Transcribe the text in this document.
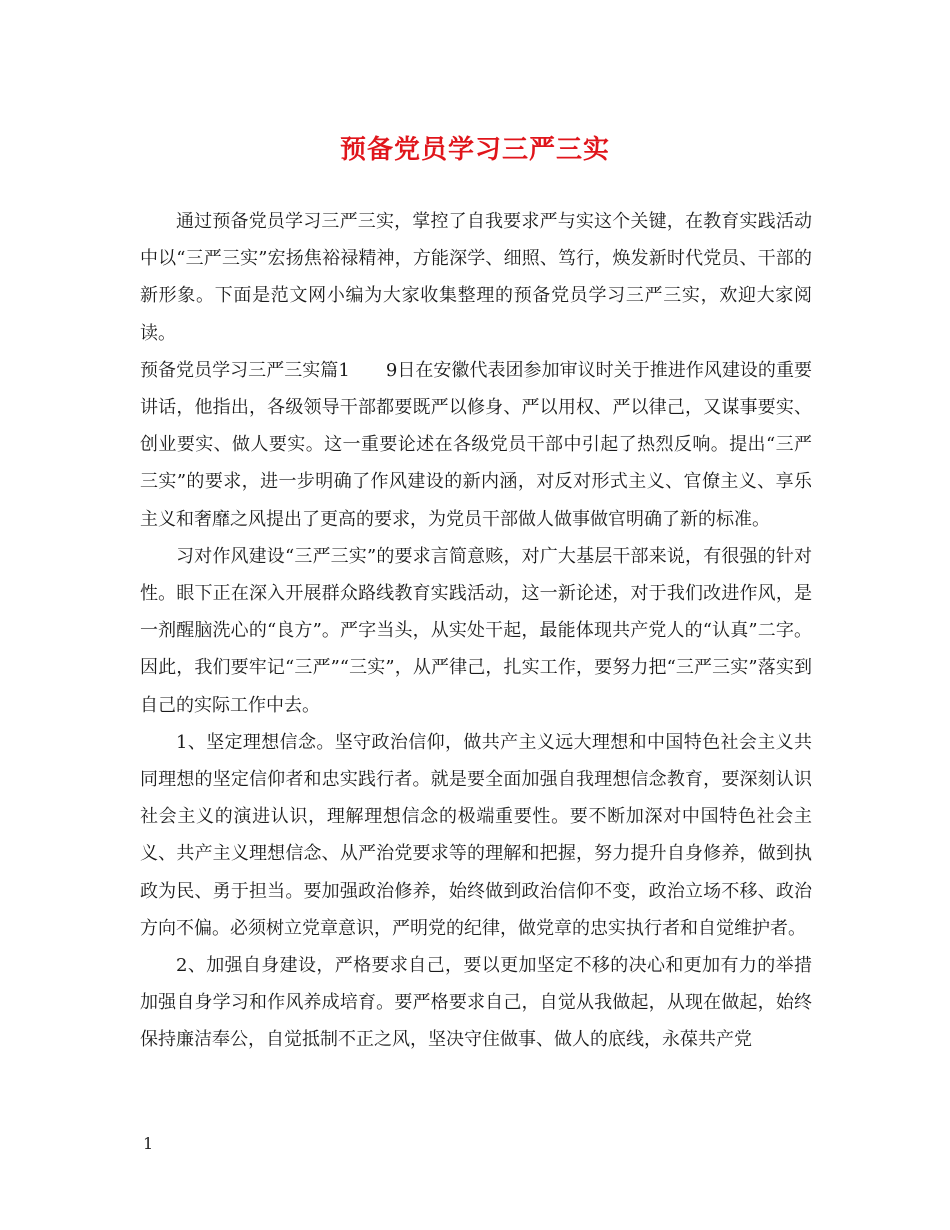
预备党员学习三严三实

通过预备党员学习三严三实，掌控了自我要求严与实这个关键，在教育实践活动中以“三严三实”宏扬焦裕禄精神，方能深学、细照、笃行，焕发新时代党员、干部的新形象。下面是范文网小编为大家收集整理的预备党员学习三严三实，欢迎大家阅读。

预备党员学习三严三实篇1　　9日在安徽代表团参加审议时关于推进作风建设的重要讲话，他指出，各级领导干部都要既严以修身、严以用权、严以律己，又谋事要实、创业要实、做人要实。这一重要论述在各级党员干部中引起了热烈反响。提出“三严三实”的要求，进一步明确了作风建设的新内涵，对反对形式主义、官僚主义、享乐主义和奢靡之风提出了更高的要求，为党员干部做人做事做官明确了新的标准。

习对作风建设“三严三实”的要求言简意赅，对广大基层干部来说，有很强的针对性。眼下正在深入开展群众路线教育实践活动，这一新论述，对于我们改进作风，是一剂醒脑洗心的“良方”。严字当头，从实处干起，最能体现共产党人的“认真”二字。因此，我们要牢记“三严”“三实”，从严律己，扎实工作，要努力把“三严三实”落实到自己的实际工作中去。

1、坚定理想信念。坚守政治信仰，做共产主义远大理想和中国特色社会主义共同理想的坚定信仰者和忠实践行者。就是要全面加强自我理想信念教育，要深刻认识社会主义的演进认识，理解理想信念的极端重要性。要不断加深对中国特色社会主义、共产主义理想信念、从严治党要求等的理解和把握，努力提升自身修养，做到执政为民、勇于担当。要加强政治修养，始终做到政治信仰不变，政治立场不移、政治方向不偏。必须树立党章意识，严明党的纪律，做党章的忠实执行者和自觉维护者。

2、加强自身建设，严格要求自己，要以更加坚定不移的决心和更加有力的举措加强自身学习和作风养成培育。要严格要求自己，自觉从我做起，从现在做起，始终保持廉洁奉公，自觉抵制不正之风，坚决守住做事、做人的底线，永葆共产党

1
